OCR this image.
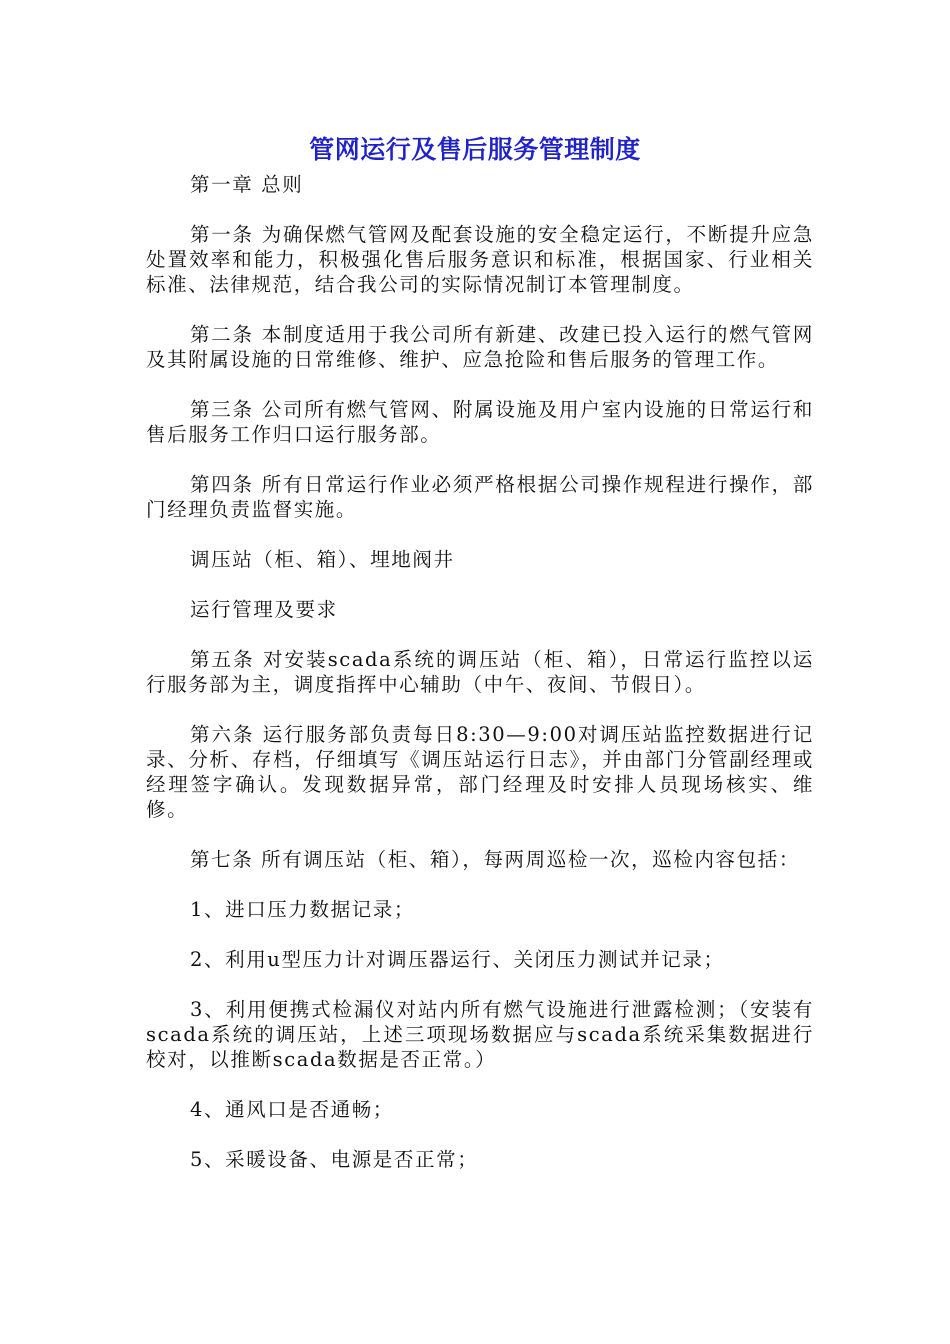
管网运行及售后服务管理制度

第一章 总则

第一条 为确保燃气管网及配套设施的安全稳定运行，不断提升应急处置效率和能力，积极强化售后服务意识和标准，根据国家、行业相关标准、法律规范，结合我公司的实际情况制订本管理制度。

第二条 本制度适用于我公司所有新建、改建已投入运行的燃气管网及其附属设施的日常维修、维护、应急抢险和售后服务的管理工作。

第三条 公司所有燃气管网、附属设施及用户室内设施的日常运行和售后服务工作归口运行服务部。

第四条 所有日常运行作业必须严格根据公司操作规程进行操作，部门经理负责监督实施。

调压站（柜、箱）、埋地阀井

运行管理及要求

第五条 对安装scada系统的调压站（柜、箱），日常运行监控以运行服务部为主，调度指挥中心辅助（中午、夜间、节假日）。

第六条 运行服务部负责每日8:30—9:00对调压站监控数据进行记录、分析、存档，仔细填写《调压站运行日志》，并由部门分管副经理或经理签字确认。发现数据异常，部门经理及时安排人员现场核实、维修。

第七条 所有调压站（柜、箱），每两周巡检一次，巡检内容包括：

1、进口压力数据记录；

2、利用u型压力计对调压器运行、关闭压力测试并记录；

3、利用便携式检漏仪对站内所有燃气设施进行泄露检测；（安装有scada系统的调压站，上述三项现场数据应与scada系统采集数据进行校对，以推断scada数据是否正常。）

4、通风口是否通畅；

5、采暖设备、电源是否正常；
